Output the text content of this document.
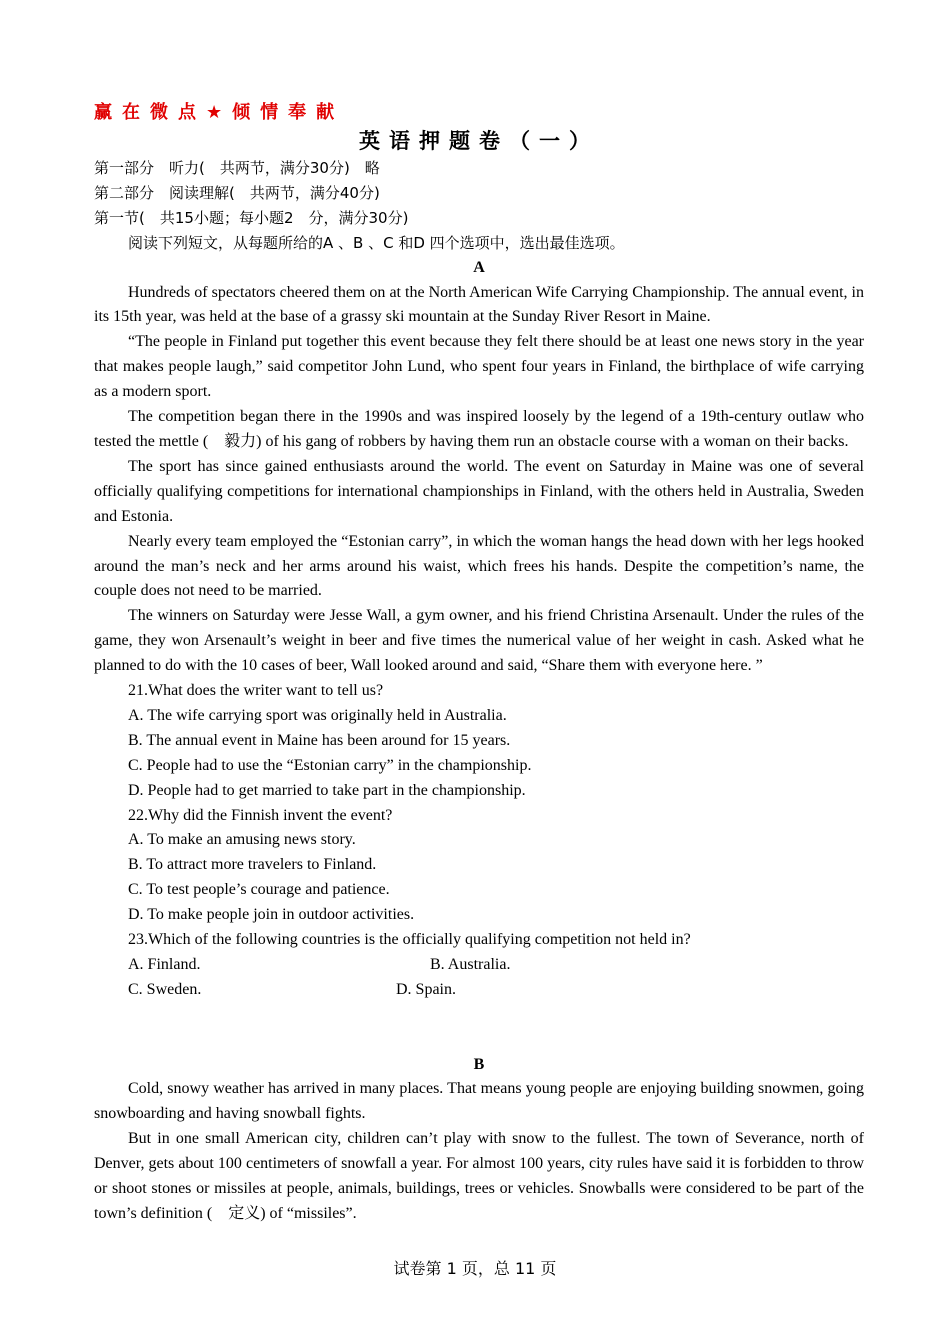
赢在微点★倾情奉献
英语押题卷（一）
第一部分　听力(　共两节，满分30分)　略
第二部分　阅读理解(　共两节，满分40分)
第一节(　共15小题；每小题2　分，满分30分)
阅读下列短文，从每题所给的A 、B 、C 和D 四个选项中，选出最佳选项。
A

Hundreds of spectators cheered them on at the North American Wife Carrying Championship. The annual event, in its 15th year, was held at the base of a grassy ski mountain at the Sunday River Resort in Maine.

“The people in Finland put together this event because they felt there should be at least one news story in the year that makes people laugh,” said competitor John Lund, who spent four years in Finland, the birthplace of wife carrying as a modern sport.

The competition began there in the 1990s and was inspired loosely by the legend of a 19th-century outlaw who tested the mettle (　毅力) of his gang of robbers by having them run an obstacle course with a woman on their backs.

The sport has since gained enthusiasts around the world. The event on Saturday in Maine was one of several officially qualifying competitions for international championships in Finland, with the others held in Australia, Sweden and Estonia.

Nearly every team employed the “Estonian carry”, in which the woman hangs the head down with her legs hooked around the man’s neck and her arms around his waist, which frees his hands. Despite the competition’s name, the couple does not need to be married.

The winners on Saturday were Jesse Wall, a gym owner, and his friend Christina Arsenault. Under the rules of the game, they won Arsenault’s weight in beer and five times the numerical value of her weight in cash. Asked what he planned to do with the 10 cases of beer, Wall looked around and said, “Share them with everyone here. ”

21.What does the writer want to tell us?
A. The wife carrying sport was originally held in Australia.
B. The annual event in Maine has been around for 15 years.
C. People had to use the “Estonian carry” in the championship.
D. People had to get married to take part in the championship.
22.Why did the Finnish invent the event?
A. To make an amusing news story.
B. To attract more travelers to Finland.
C. To test people’s courage and patience.
D. To make people join in outdoor activities.
23.Which of the following countries is the officially qualifying competition not held in?
A. Finland.	B. Australia.
C. Sweden.	D. Spain.
B

Cold, snowy weather has arrived in many places. That means young people are enjoying building snowmen, going snowboarding and having snowball fights.

But in one small American city, children can’t play with snow to the fullest. The town of Severance, north of Denver, gets about 100 centimeters of snowfall a year. For almost 100 years, city rules have said it is forbidden to throw or shoot stones or missiles at people, animals, buildings, trees or vehicles. Snowballs were considered to be part of the town’s definition (　定义) of “missiles”.

试卷第 1 页，总 11 页
